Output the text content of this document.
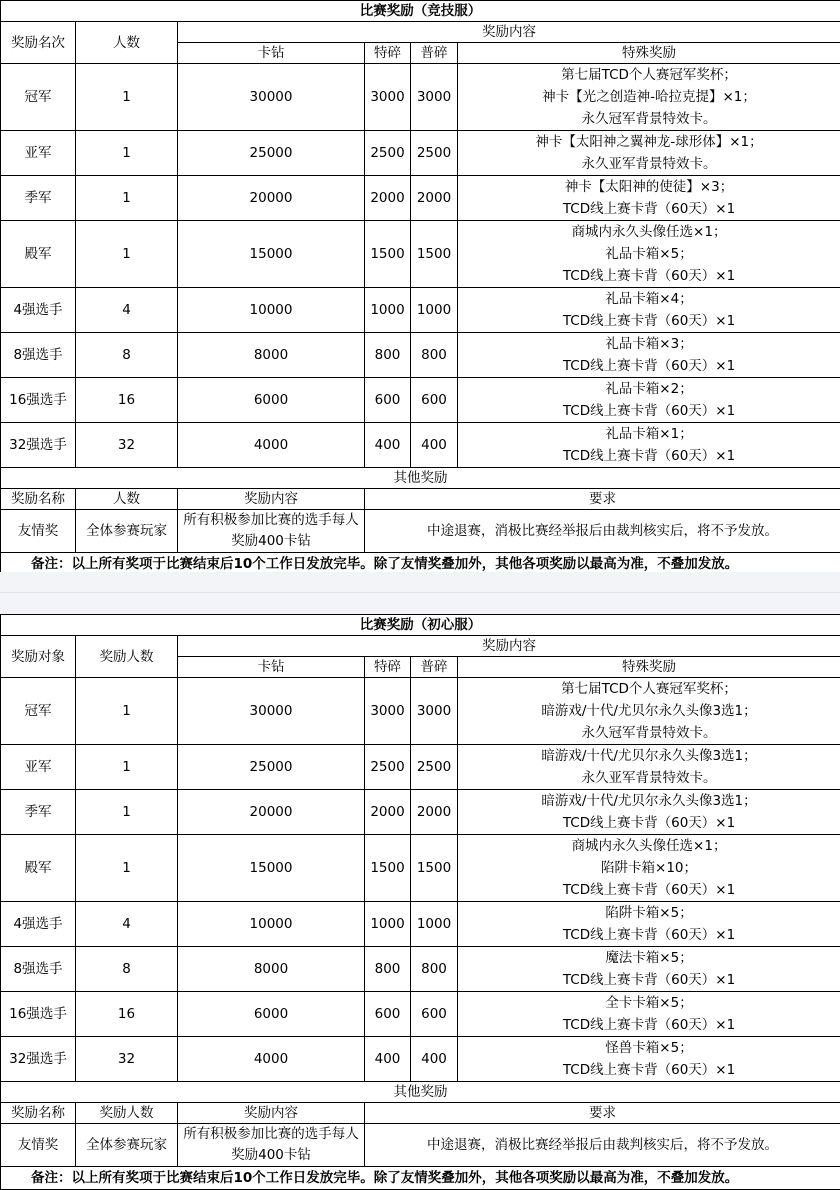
比赛奖励（竞技服）					
奖励名次	人数	奖励内容			
		卡钻	特碎	普碎	特殊奖励
冠军	1	30000	3000	3000	第七届TCD个人赛冠军奖杯；
神卡【光之创造神-哈拉克提】×1；
永久冠军背景特效卡。

亚军	1	25000	2500	2500	神卡【太阳神之翼神龙-球形体】×1；
永久亚军背景特效卡。

季军	1	20000	2000	2000	神卡【太阳神的使徒】×3；
TCD线上赛卡背（60天）×1

殿军	1	15000	1500	1500	商城内永久头像任选×1；
礼品卡箱×5；
TCD线上赛卡背（60天）×1

4强选手	4	10000	1000	1000	礼品卡箱×4；
TCD线上赛卡背（60天）×1

8强选手	8	8000	800	800	礼品卡箱×3；
TCD线上赛卡背（60天）×1

16强选手	16	6000	600	600	礼品卡箱×2；
TCD线上赛卡背（60天）×1

32强选手	32	4000	400	400	礼品卡箱×1；
TCD线上赛卡背（60天）×1

其他奖励					
奖励名称	人数	奖励内容	要求		
友情奖	全体参赛玩家	所有积极参加比赛的选手每人奖励400卡钻	中途退赛，消极比赛经举报后由裁判核实后，将不予发放。		
备注：以上所有奖项于比赛结束后10个工作日发放完毕。除了友情奖叠加外，其他各项奖励以最高为准，不叠加发放。					
比赛奖励（初心服）					
奖励对象	奖励人数	奖励内容			
		卡钻	特碎	普碎	特殊奖励
冠军	1	30000	3000	3000	第七届TCD个人赛冠军奖杯；
暗游戏/十代/尤贝尔永久头像3选1；
永久冠军背景特效卡。

亚军	1	25000	2500	2500	暗游戏/十代/尤贝尔永久头像3选1；
永久亚军背景特效卡。

季军	1	20000	2000	2000	暗游戏/十代/尤贝尔永久头像3选1；
TCD线上赛卡背（60天）×1

殿军	1	15000	1500	1500	商城内永久头像任选×1；
陷阱卡箱×10；
TCD线上赛卡背（60天）×1

4强选手	4	10000	1000	1000	陷阱卡箱×5；
TCD线上赛卡背（60天）×1

8强选手	8	8000	800	800	魔法卡箱×5；
TCD线上赛卡背（60天）×1

16强选手	16	6000	600	600	全卡卡箱×5；
TCD线上赛卡背（60天）×1

32强选手	32	4000	400	400	怪兽卡箱×5；
TCD线上赛卡背（60天）×1

其他奖励					
奖励名称	奖励人数	奖励内容	要求		
友情奖	全体参赛玩家	所有积极参加比赛的选手每人奖励400卡钻	中途退赛，消极比赛经举报后由裁判核实后，将不予发放。		
备注：以上所有奖项于比赛结束后10个工作日发放完毕。除了友情奖叠加外，其他各项奖励以最高为准，不叠加发放。					
